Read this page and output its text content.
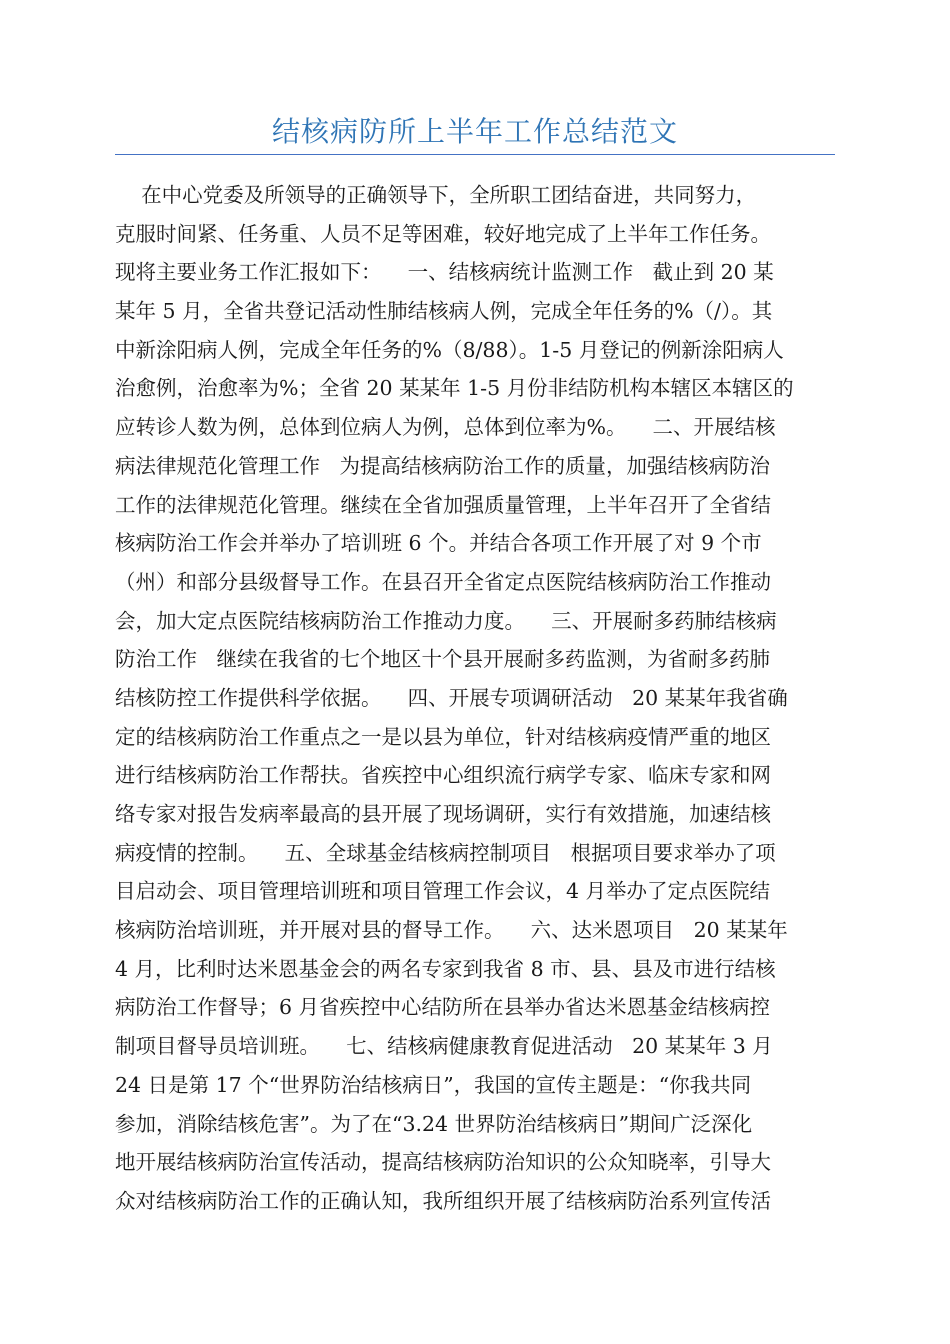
结核病防所上半年工作总结范文
在中心党委及所领导的正确领导下，全所职工团结奋进，共同努力，
克服时间紧、任务重、人员不足等困难，较好地完成了上半年工作任务。
现将主要业务工作汇报如下：    一、结核病统计监测工作   截止到 20 某
某年 5 月，全省共登记活动性肺结核病人例，完成全年任务的%（/）。其
中新涂阳病人例，完成全年任务的%（8/88）。1-5 月登记的例新涂阳病人
治愈例，治愈率为%；全省 20 某某年 1-5 月份非结防机构本辖区本辖区的
应转诊人数为例，总体到位病人为例，总体到位率为%。    二、开展结核
病法律规范化管理工作   为提高结核病防治工作的质量，加强结核病防治
工作的法律规范化管理。继续在全省加强质量管理，上半年召开了全省结
核病防治工作会并举办了培训班 6 个。并结合各项工作开展了对 9 个市
（州）和部分县级督导工作。在县召开全省定点医院结核病防治工作推动
会，加大定点医院结核病防治工作推动力度。    三、开展耐多药肺结核病
防治工作   继续在我省的七个地区十个县开展耐多药监测，为省耐多药肺
结核防控工作提供科学依据。    四、开展专项调研活动   20 某某年我省确
定的结核病防治工作重点之一是以县为单位，针对结核病疫情严重的地区
进行结核病防治工作帮扶。省疾控中心组织流行病学专家、临床专家和网
络专家对报告发病率最高的县开展了现场调研，实行有效措施，加速结核
病疫情的控制。    五、全球基金结核病控制项目   根据项目要求举办了项
目启动会、项目管理培训班和项目管理工作会议，4 月举办了定点医院结
核病防治培训班，并开展对县的督导工作。    六、达米恩项目   20 某某年
4 月，比利时达米恩基金会的两名专家到我省 8 市、县、县及市进行结核
病防治工作督导；6 月省疾控中心结防所在县举办省达米恩基金结核病控
制项目督导员培训班。    七、结核病健康教育促进活动   20 某某年 3 月
24 日是第 17 个“世界防治结核病日”，我国的宣传主题是：“你我共同
参加，消除结核危害”。为了在“3.24 世界防治结核病日”期间广泛深化
地开展结核病防治宣传活动，提高结核病防治知识的公众知晓率，引导大
众对结核病防治工作的正确认知，我所组织开展了结核病防治系列宣传活
